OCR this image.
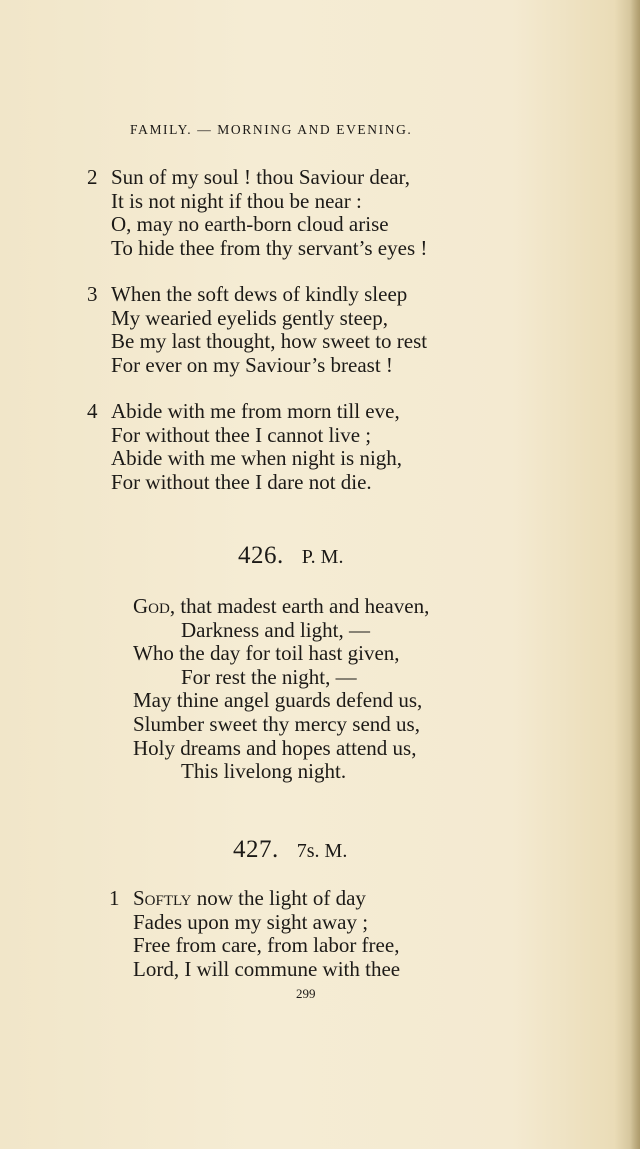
FAMILY. — MORNING AND EVENING.
2 Sun of my soul ! thou Saviour dear,
It is not night if thou be near :
O, may no earth-born cloud arise
To hide thee from thy servant’s eyes !
3 When the soft dews of kindly sleep
My wearied eyelids gently steep,
Be my last thought, how sweet to rest
For ever on my Saviour’s breast !
4 Abide with me from morn till eve,
For without thee I cannot live ;
Abide with me when night is nigh,
For without thee I dare not die.
426. P. M.
God, that madest earth and heaven,
Darkness and light, —
Who the day for toil hast given,
For rest the night, —
May thine angel guards defend us,
Slumber sweet thy mercy send us,
Holy dreams and hopes attend us,
This livelong night.
427. 7s. M.
1 Softly now the light of day
Fades upon my sight away ;
Free from care, from labor free,
Lord, I will commune with thee
299
